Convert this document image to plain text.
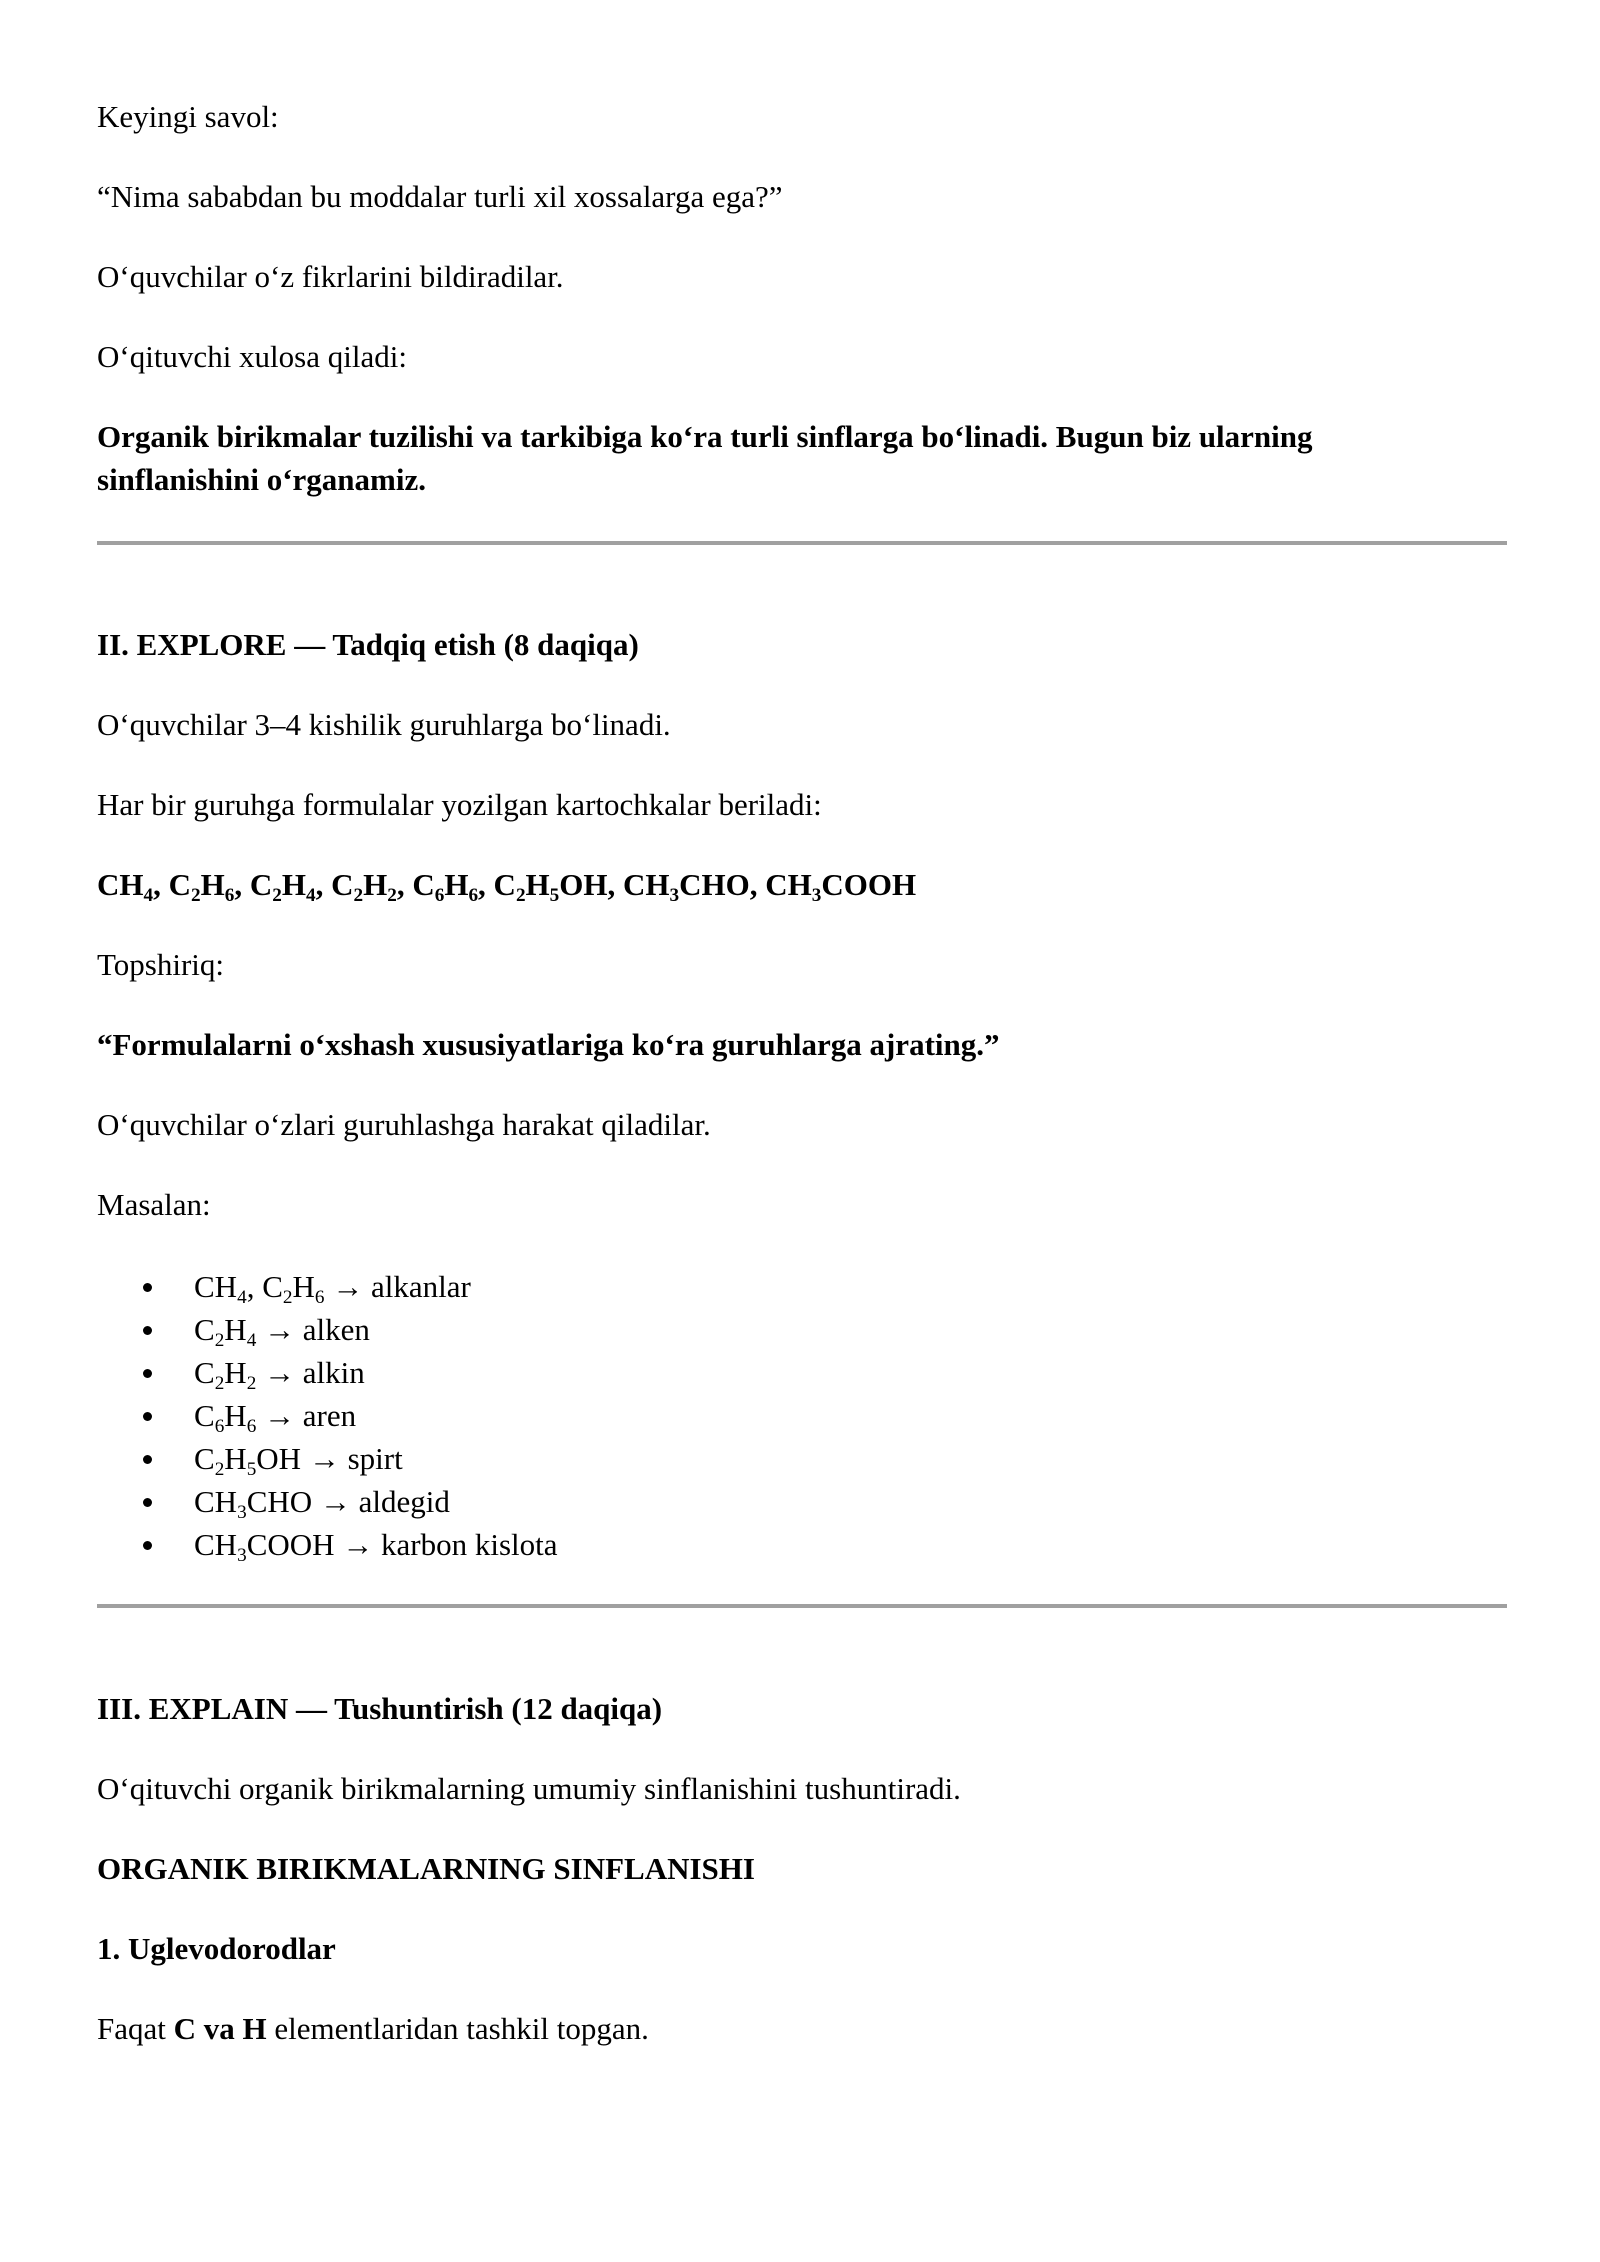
Keyingi savol:

“Nima sababdan bu moddalar turli xil xossalarga ega?”

O‘quvchilar o‘z fikrlarini bildiradilar.

O‘qituvchi xulosa qiladi:

Organik birikmalar tuzilishi va tarkibiga ko‘ra turli sinflarga bo‘linadi. Bugun biz ularning

sinflanishini o‘rganamiz.

II. EXPLORE — Tadqiq etish (8 daqiqa)

O‘quvchilar 3–4 kishilik guruhlarga bo‘linadi.

Har bir guruhga formulalar yozilgan kartochkalar beriladi:

$CH_4$, $C_2H_6$, $C_2H_4$, $C_2H_2$, $C_6H_6$, $C_2H_5OH$, $CH_3CHO$, $CH_3COOH$

Topshiriq:

“Formulalarni o‘xshash xususiyatlariga ko‘ra guruhlarga ajrating.”

O‘quvchilar o‘zlari guruhlashga harakat qiladilar.

Masalan:

$CH_4$, $C_2H_6$ → alkanlar
$C_2H_4$ → alken
$C_2H_2$ → alkin
$C_6H_6$ → aren
$C_2H_5OH$ → spirt
$CH_3CHO$ → aldegid
$CH_3COOH$ → karbon kislota

III. EXPLAIN — Tushuntirish (12 daqiqa)

O‘qituvchi organik birikmalarning umumiy sinflanishini tushuntiradi.

ORGANIK BIRIKMALARNING SINFLANISHI

1. Uglevodorodlar

Faqat C va H elementlaridan tashkil topgan.
